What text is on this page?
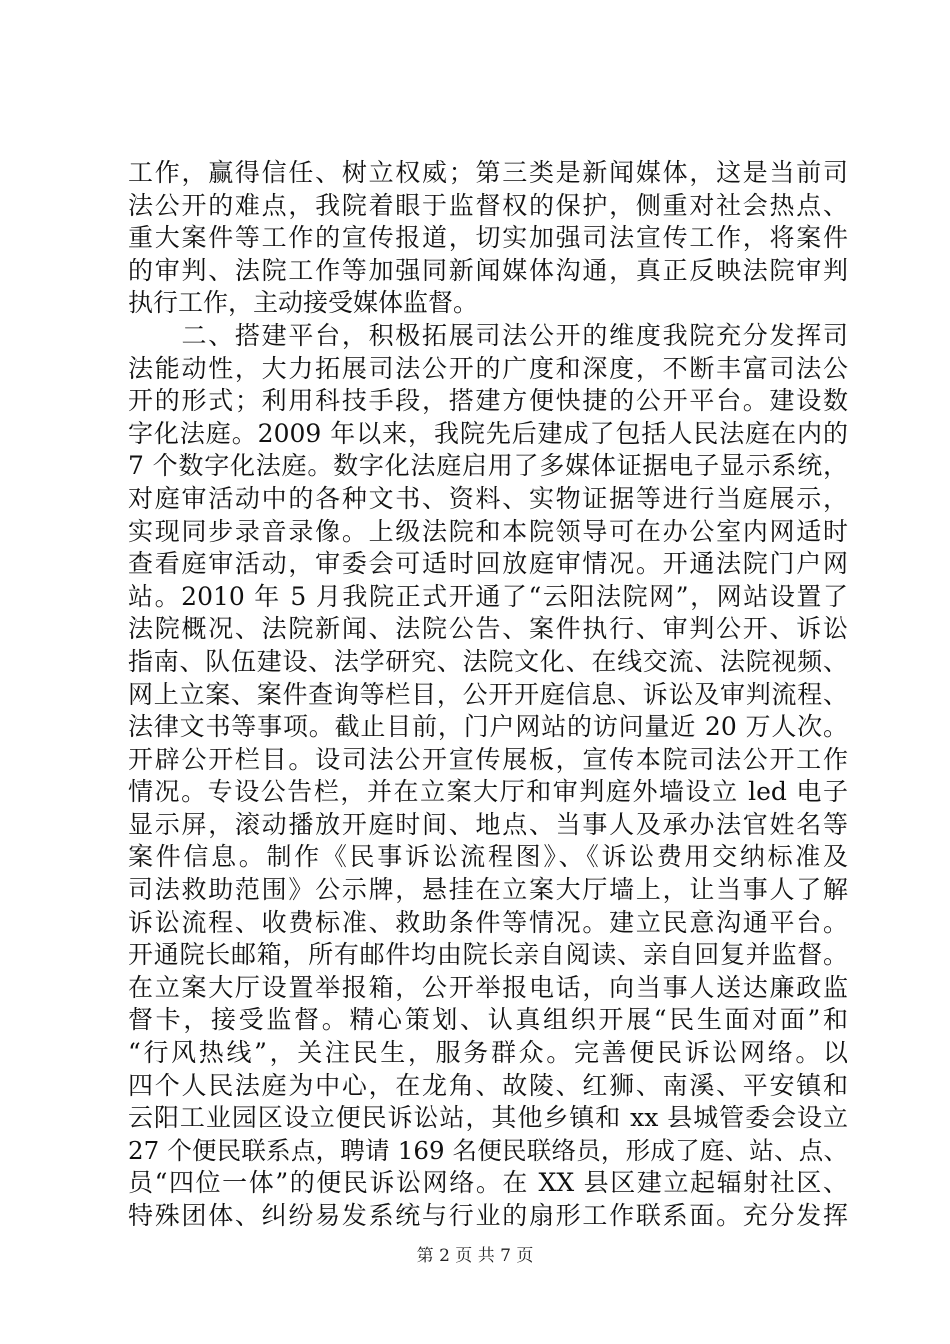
工作，赢得信任、树立权威；第三类是新闻媒体，这是当前司
法公开的难点，我院着眼于监督权的保护，侧重对社会热点、
重大案件等工作的宣传报道，切实加强司法宣传工作，将案件
的审判、法院工作等加强同新闻媒体沟通，真正反映法院审判
执行工作，主动接受媒体监督。
　　二、搭建平台，积极拓展司法公开的维度我院充分发挥司
法能动性，大力拓展司法公开的广度和深度，不断丰富司法公
开的形式；利用科技手段，搭建方便快捷的公开平台。建设数
字化法庭。2009 年以来，我院先后建成了包括人民法庭在内的
7 个数字化法庭。数字化法庭启用了多媒体证据电子显示系统，
对庭审活动中的各种文书、资料、实物证据等进行当庭展示，
实现同步录音录像。上级法院和本院领导可在办公室内网适时
查看庭审活动，审委会可适时回放庭审情况。开通法院门户网
站。2010 年 5 月我院正式开通了“云阳法院网”，网站设置了
法院概况、法院新闻、法院公告、案件执行、审判公开、诉讼
指南、队伍建设、法学研究、法院文化、在线交流、法院视频、
网上立案、案件查询等栏目，公开开庭信息、诉讼及审判流程、
法律文书等事项。截止目前，门户网站的访问量近 20 万人次。
开辟公开栏目。设司法公开宣传展板，宣传本院司法公开工作
情况。专设公告栏，并在立案大厅和审判庭外墙设立 led 电子
显示屏，滚动播放开庭时间、地点、当事人及承办法官姓名等
案件信息。制作《民事诉讼流程图》、《诉讼费用交纳标准及
司法救助范围》公示牌，悬挂在立案大厅墙上，让当事人了解
诉讼流程、收费标准、救助条件等情况。建立民意沟通平台。
开通院长邮箱，所有邮件均由院长亲自阅读、亲自回复并监督。
在立案大厅设置举报箱，公开举报电话，向当事人送达廉政监
督卡，接受监督。精心策划、认真组织开展“民生面对面”和
“行风热线”，关注民生，服务群众。完善便民诉讼网络。以
四个人民法庭为中心，在龙角、故陵、红狮、南溪、平安镇和
云阳工业园区设立便民诉讼站，其他乡镇和 xx 县城管委会设立
27 个便民联系点，聘请 169 名便民联络员，形成了庭、站、点、
员“四位一体”的便民诉讼网络。在 XX 县区建立起辐射社区、
特殊团体、纠纷易发系统与行业的扇形工作联系面。充分发挥
第 2 页 共 7 页
